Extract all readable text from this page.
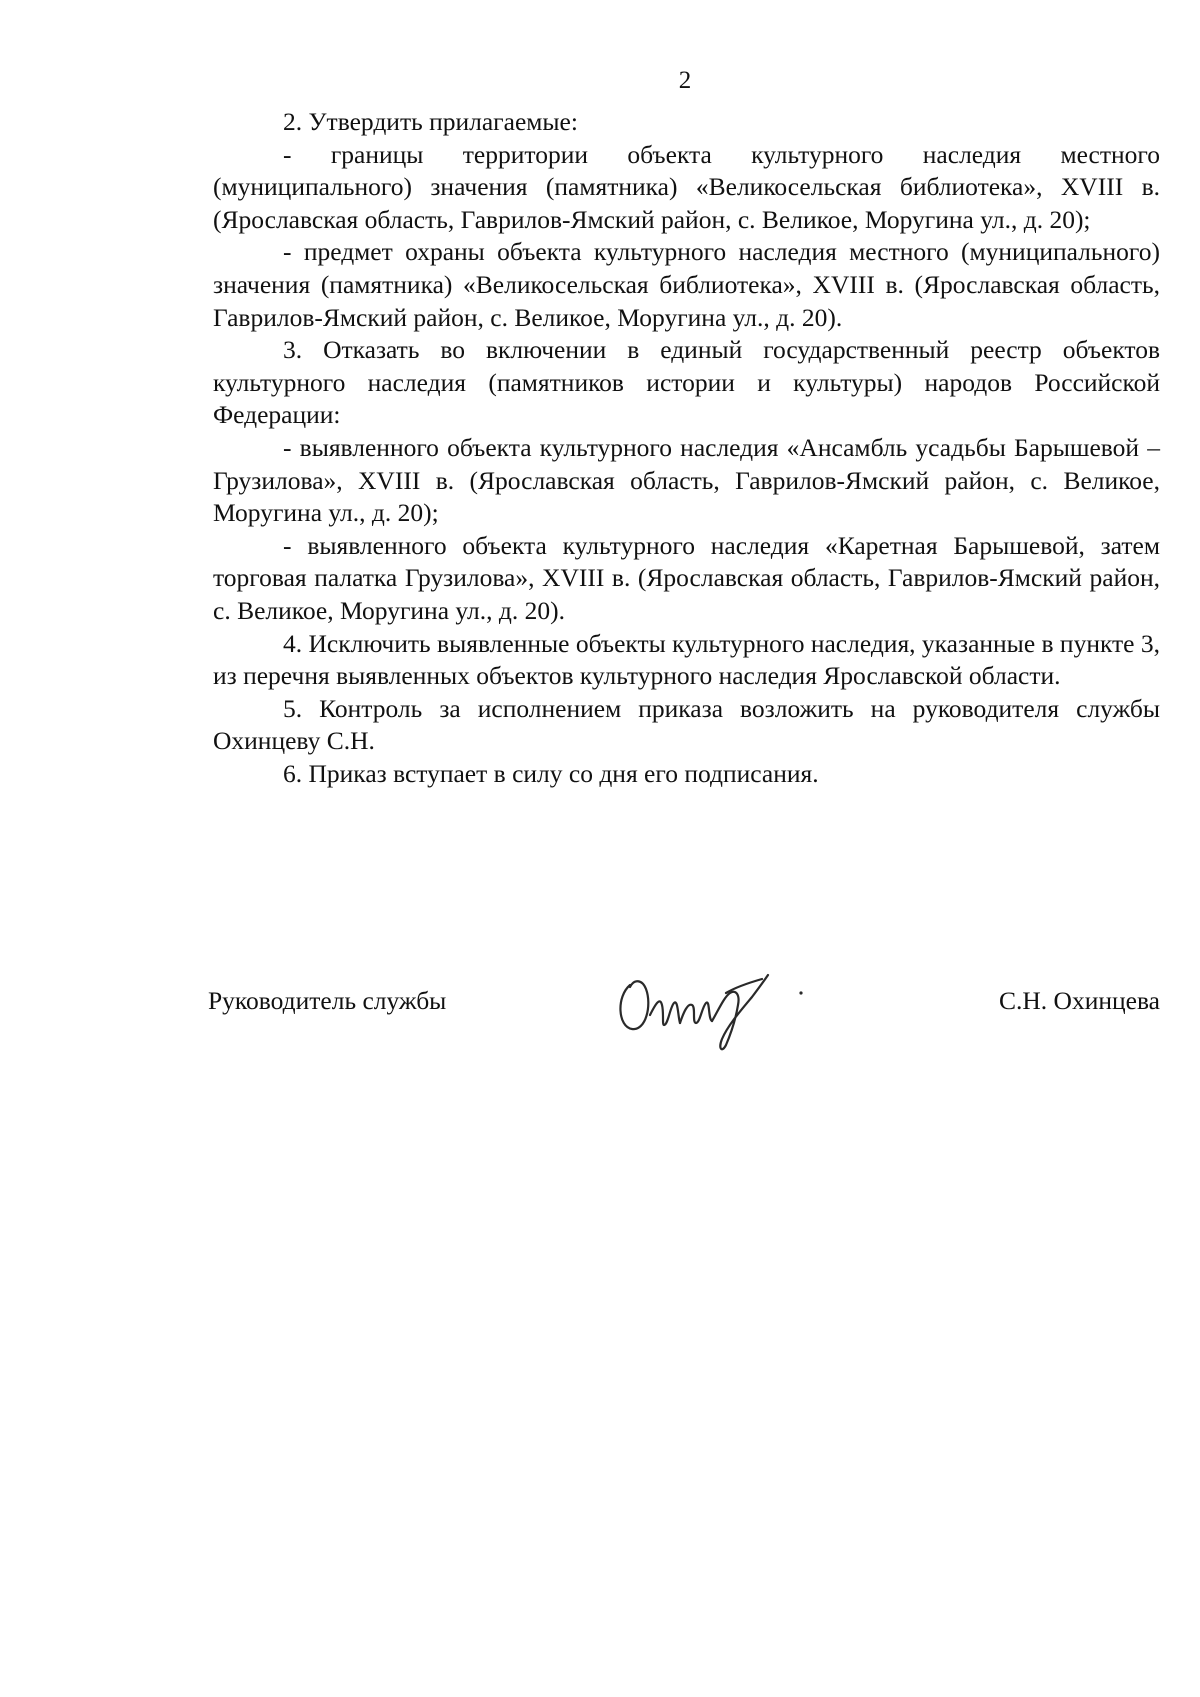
2

2. Утвердить прилагаемые:

- границы территории объекта культурного наследия местного (муниципального) значения (памятника) «Великосельская библиотека», XVIII в. (Ярославская область, Гаврилов-Ямский район, с. Великое, Моругина ул., д. 20);

- предмет охраны объекта культурного наследия местного (муниципального) значения (памятника) «Великосельская библиотека», XVIII в. (Ярославская область, Гаврилов-Ямский район, с. Великое, Моругина ул., д. 20).

3. Отказать во включении в единый государственный реестр объектов культурного наследия (памятников истории и культуры) народов Российской Федерации:

- выявленного объекта культурного наследия «Ансамбль усадьбы Барышевой – Грузилова», XVIII в. (Ярославская область, Гаврилов-Ямский район, с. Великое, Моругина ул., д. 20);

- выявленного объекта культурного наследия «Каретная Барышевой, затем торговая палатка Грузилова», XVIII в. (Ярославская область, Гаврилов-Ямский район, с. Великое, Моругина ул., д. 20).

4. Исключить выявленные объекты культурного наследия, указанные в пункте 3, из перечня выявленных объектов культурного наследия Ярославской области.

5. Контроль за исполнением приказа возложить на руководителя службы Охинцеву С.Н.

6. Приказ вступает в силу со дня его подписания.

Руководитель службы	С.Н. Охинцева
